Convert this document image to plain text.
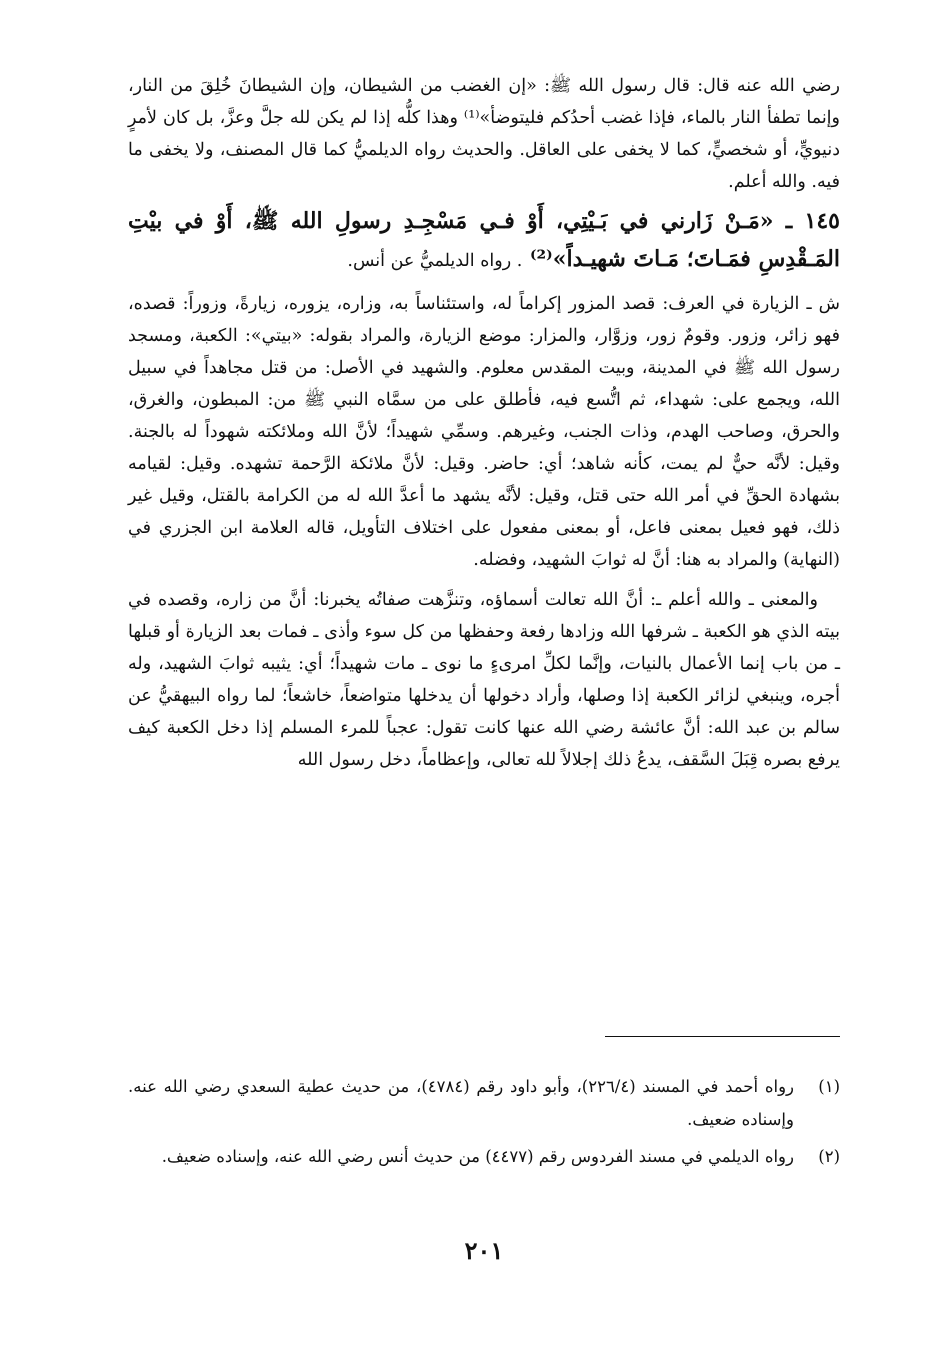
رضي الله عنه قال: قال رسول الله ﷺ: «إن الغضب من الشيطان، وإن الشيطانَ خُلِقَ من النار، وإنما تطفأ النار بالماء، فإذا غضب أحدُكم فليتوضأ»⁽¹⁾ وهذا كلُّه إذا لم يكن لله جلَّ وعزَّ، بل كان لأمرٍ دنيويٍّ، أو شخصيٍّ، كما لا يخفى على العاقل. والحديث رواه الديلميُّ كما قال المصنف، ولا يخفى ما فيه. والله أعلم.

١٤٥ ـ «مَـنْ زَارني في بَـيْتِي، أَوْ فـي مَسْجِـدِ رسولِ الله ﷺ، أَوْ في بيْتِ المَـقْدِسِ فمَـاتَ؛ مَـاتَ شهيـداً»⁽²⁾ . رواه الديلميُّ عن أنس.

ش ـ الزيارة في العرف: قصد المزور إكراماً له، واستئناساً به، وزاره، يزوره، زيارةً، وزوراً: قصده، فهو زائر، وزور. وقومٌ زور، وزوَّار، والمزار: موضع الزيارة، والمراد بقوله: «بيتي»: الكعبة، ومسجد رسول الله ﷺ في المدينة، وبيت المقدس معلوم. والشهيد في الأصل: من قتل مجاهداً في سبيل الله، ويجمع على: شهداء، ثم اتُّسع فيه، فأطلق على من سمَّاه النبي ﷺ من: المبطون، والغرق، والحرق، وصاحب الهدم، وذات الجنب، وغيرهم. وسمِّي شهيداً؛ لأنَّ الله وملائكته شهوداً له بالجنة. وقيل: لأنَّه حيٌّ لم يمت، كأنه شاهد؛ أي: حاضر. وقيل: لأنَّ ملائكة الرَّحمة تشهده. وقيل: لقيامه بشهادة الحقِّ في أمر الله حتى قتل، وقيل: لأنَّه يشهد ما أعدَّ الله له من الكرامة بالقتل، وقيل غير ذلك، فهو فعيل بمعنى فاعل، أو بمعنى مفعول على اختلاف التأويل، قاله العلامة ابن الجزري في (النهاية) والمراد به هنا: أنَّ له ثوابَ الشهيد، وفضله.

والمعنى ـ والله أعلم ـ: أنَّ الله تعالت أسماؤه، وتنزَّهت صفاتُه يخبرنا: أنَّ من زاره، وقصده في بيته الذي هو الكعبة ـ شرفها الله وزادها رفعة وحفظها من كل سوء وأذى ـ فمات بعد الزيارة أو قبلها ـ من باب إنما الأعمال بالنيات، وإنَّما لكلِّ امرىءٍ ما نوى ـ مات شهيداً؛ أي: يثيبه ثوابَ الشهيد، وله أجره، وينبغي لزائر الكعبة إذا وصلها، وأراد دخولها أن يدخلها متواضعاً، خاشعاً؛ لما رواه البيهقيُّ عن سالم بن عبد الله: أنَّ عائشة رضي الله عنها كانت تقول: عجباً للمرء المسلم إذا دخل الكعبة كيف يرفع بصره قِبَلَ السَّقف، يدعُ ذلك إجلالاً لله تعالى، وإعظاماً، دخل رسول الله

(١)
رواه أحمد في المسند (٢٢٦/٤)، وأبو داود رقم (٤٧٨٤)، من حديث عطية السعدي رضي الله عنه. وإسناده ضعيف.
(٢)
رواه الديلمي في مسند الفردوس رقم (٤٤٧٧) من حديث أنس رضي الله عنه، وإسناده ضعيف.
٢٠١
